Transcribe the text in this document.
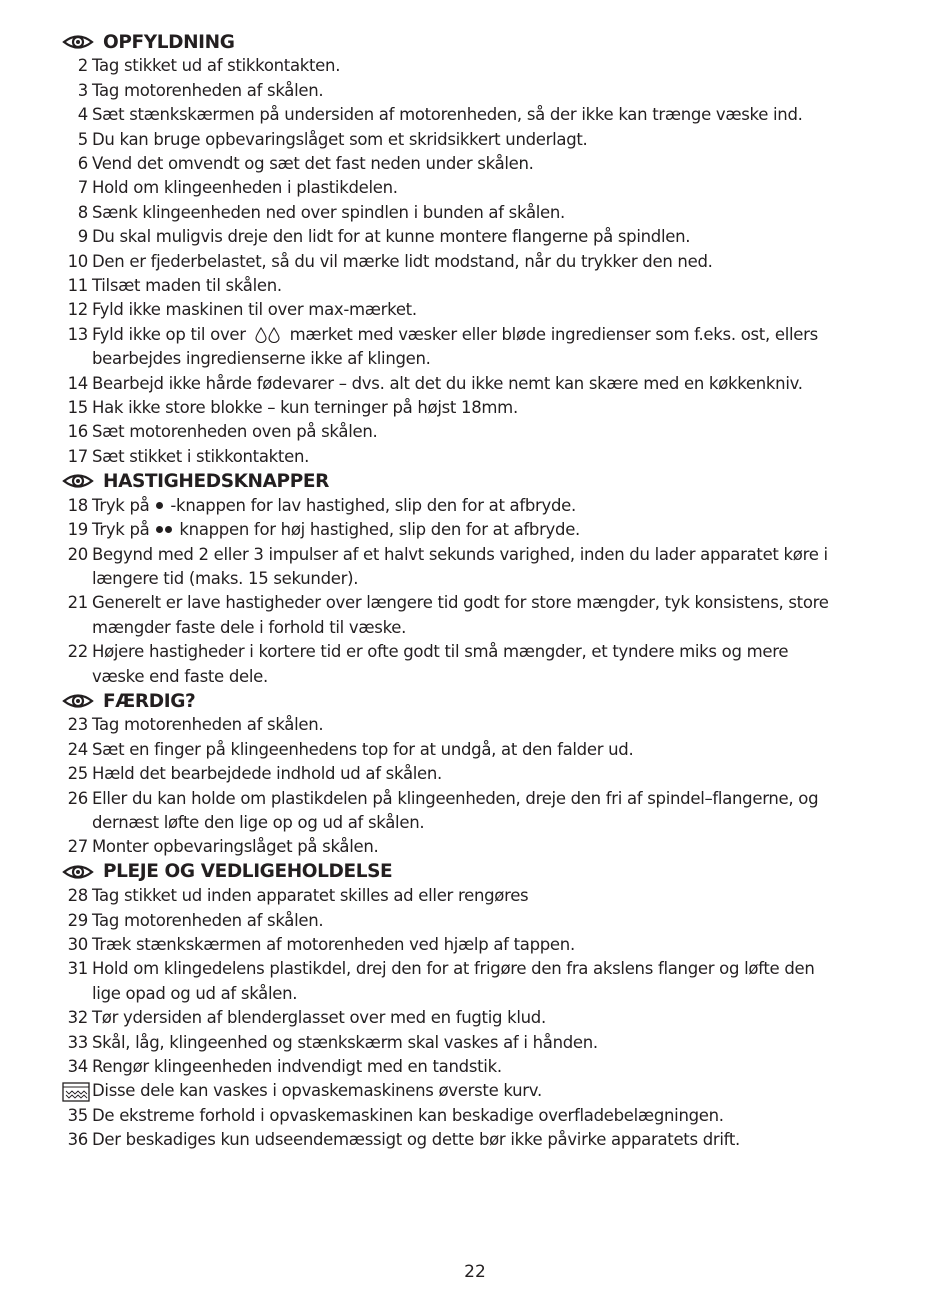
OPFYLDNING
2 Tag stikket ud af stikkontakten.
3 Tag motorenheden af skålen.
4 Sæt stænkskærmen på undersiden af motorenheden, så der ikke kan trænge væske ind.
5 Du kan bruge opbevaringslåget som et skridsikkert underlagt.
6 Vend det omvendt og sæt det fast neden under skålen.
7 Hold om klingeenheden i plastikdelen.
8 Sænk klingeenheden ned over spindlen i bunden af skålen.
9 Du skal muligvis dreje den lidt for at kunne montere flangerne på spindlen.
10 Den er fjederbelastet, så du vil mærke lidt modstand, når du trykker den ned.
11 Tilsæt maden til skålen.
12 Fyld ikke maskinen til over max-mærket.
13 Fyld ikke op til over	mærket med væsker eller bløde ingredienser som f.eks. ost, ellers
bearbejdes ingredienserne ikke af klingen.
14 Bearbejd ikke hårde fødevarer – dvs. alt det du ikke nemt kan skære med en køkkenkniv.
15 Hak ikke store blokke – kun terninger på højst 18mm.
16 Sæt motorenheden oven på skålen.
17 Sæt stikket i stikkontakten.
HASTIGHEDSKNAPPER
18 Tryk på -knappen for lav hastighed, slip den for at afbryde.
19 Tryk på knappen for høj hastighed, slip den for at afbryde.
20 Begynd med 2 eller 3 impulser af et halvt sekunds varighed, inden du lader apparatet køre i
længere tid (maks. 15 sekunder).
21 Generelt er lave hastigheder over længere tid godt for store mængder, tyk konsistens, store
mængder faste dele i forhold til væske.
22 Højere hastigheder i kortere tid er ofte godt til små mængder, et tyndere miks og mere
væske end faste dele.
FÆRDIG?
23 Tag motorenheden af skålen.
24 Sæt en finger på klingeenhedens top for at undgå, at den falder ud.
25 Hæld det bearbejdede indhold ud af skålen.
26 Eller du kan holde om plastikdelen på klingeenheden, dreje den fri af spindel–flangerne, og
dernæst løfte den lige op og ud af skålen.
27 Monter opbevaringslåget på skålen.
PLEJE OG VEDLIGEHOLDELSE
28 Tag stikket ud inden apparatet skilles ad eller rengøres
29 Tag motorenheden af skålen.
30 Træk stænkskærmen af motorenheden ved hjælp af tappen.
31 Hold om klingedelens plastikdel, drej den for at frigøre den fra akslens flanger og løfte den
lige opad og ud af skålen.
32 Tør ydersiden af blenderglasset over med en fugtig klud.
33 Skål, låg, klingeenhed og stænkskærm skal vaskes af i hånden.
34 Rengør klingeenheden indvendigt med en tandstik.
Disse dele kan vaskes i opvaskemaskinens øverste kurv.
35 De ekstreme forhold i opvaskemaskinen kan beskadige overfladebelægningen.
36 Der beskadiges kun udseendemæssigt og dette bør ikke påvirke apparatets drift.
22
